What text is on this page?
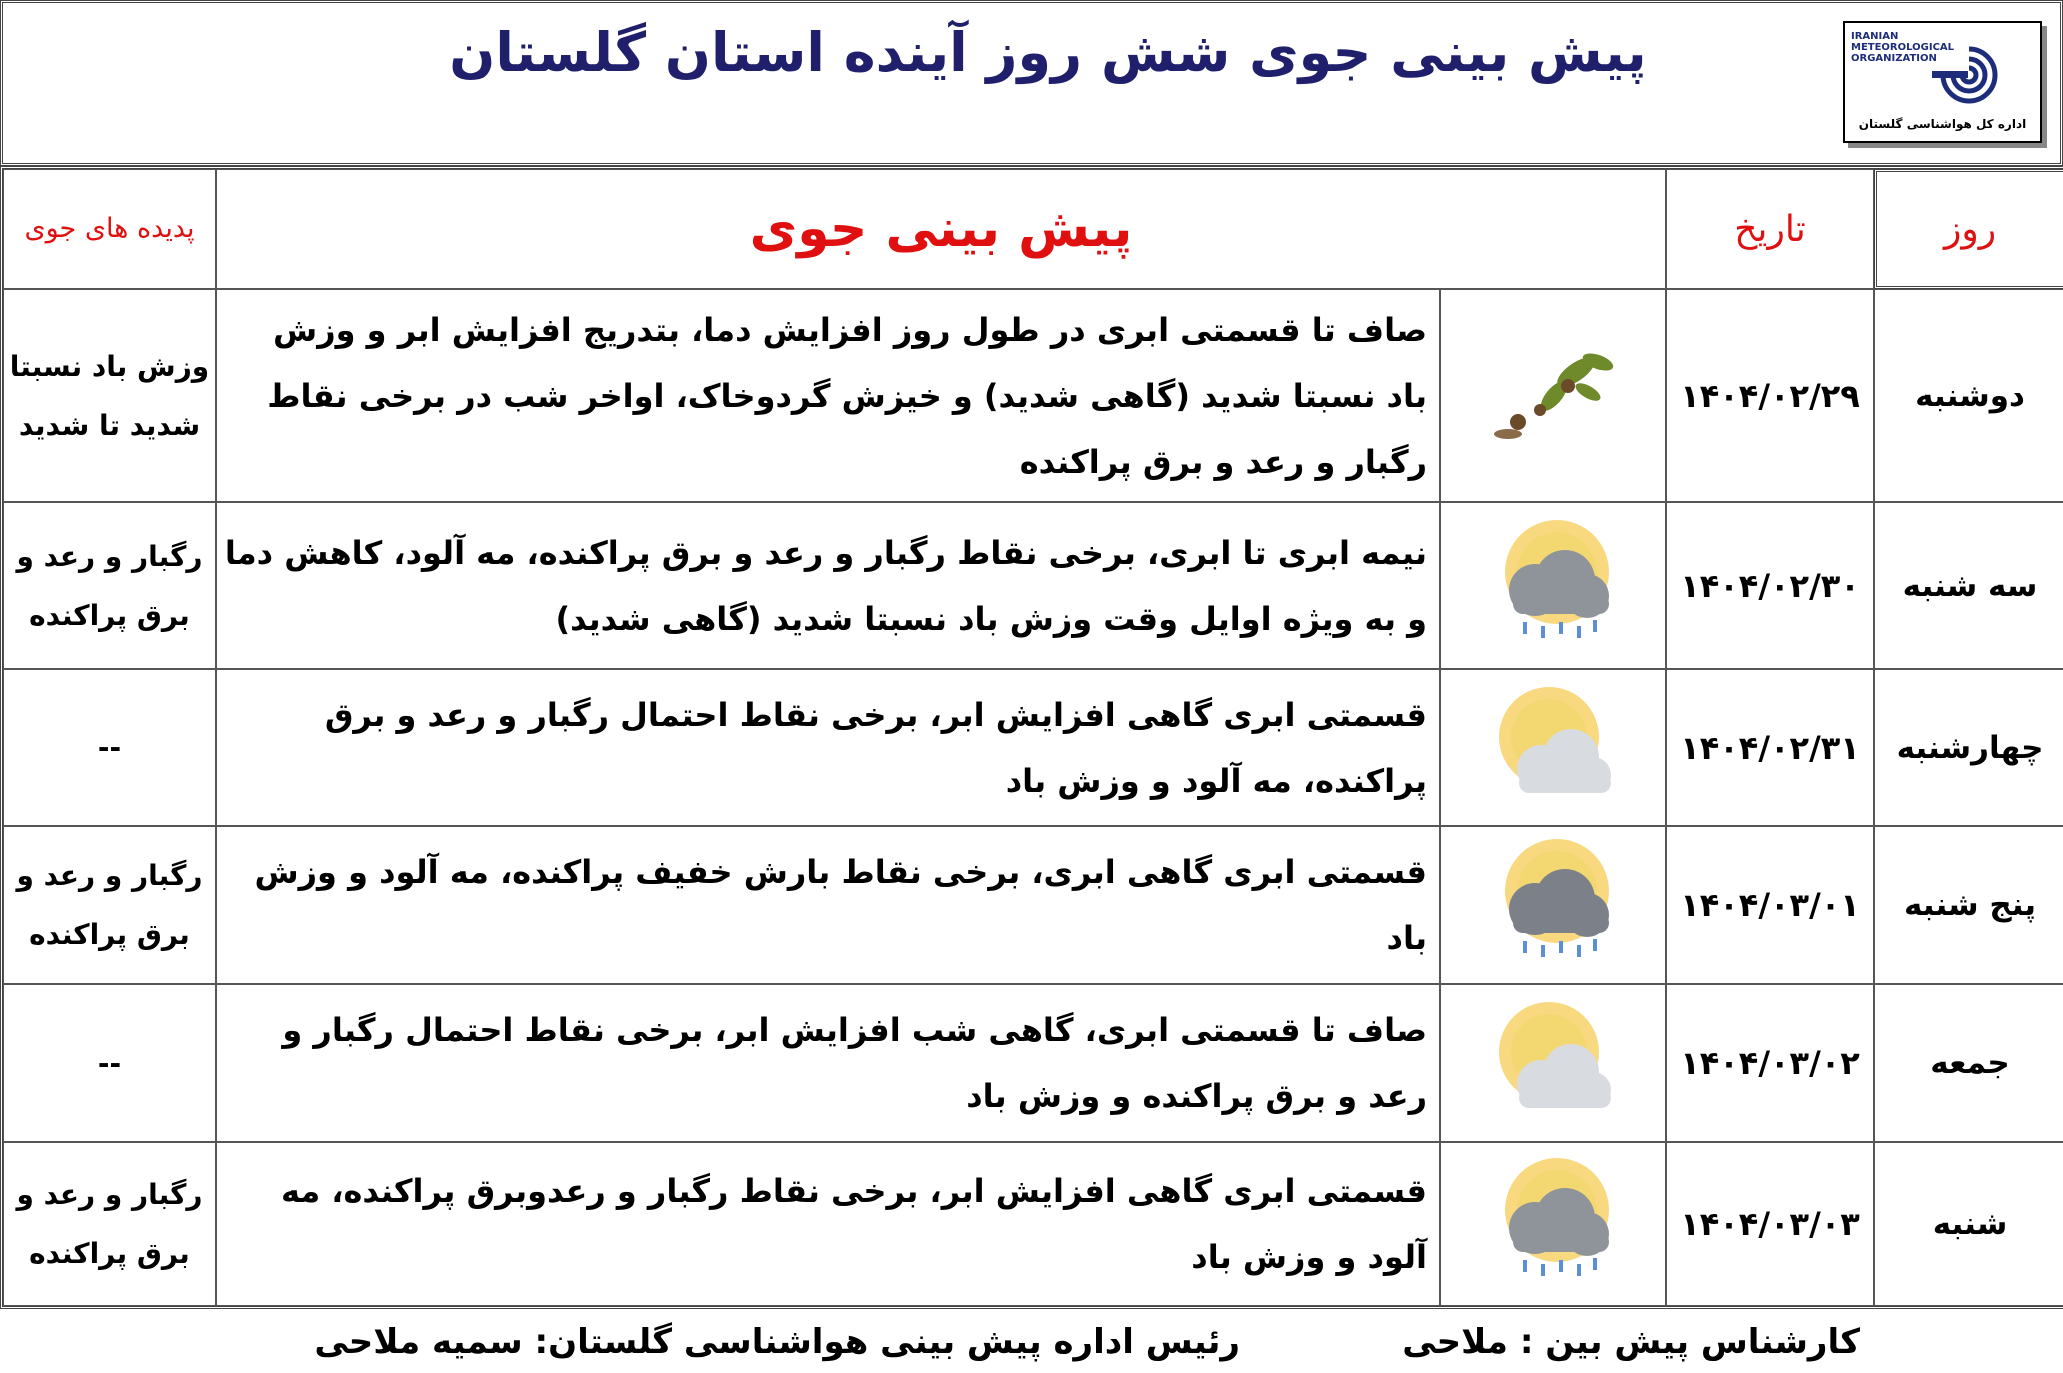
پیش بینی جوی شش روز آینده استان گلستان	IRANIAN METEOROLOGICAL ORGANIZATION
اداره کل هواشناسی گلستان
پدیده های جوی	پیش بینی جوی		تاریخ	روز
وزش باد نسبتا شدید تا شدید	صاف تا قسمتی ابری در طول روز افزایش دما، بتدریج افزایش ابر و وزش باد نسبتا شدید (گاهی شدید) و خیزش گردوخاک، اواخر شب در برخی نقاط رگبار و رعد و برق پراکنده		۱۴۰۴/۰۲/۲۹	دوشنبه
رگبار و رعد و برق پراکنده	نیمه ابری تا ابری، برخی نقاط رگبار و رعد و برق پراکنده، مه آلود، کاهش دما و به ویژه اوایل وقت وزش باد نسبتا شدید (گاهی شدید)		۱۴۰۴/۰۲/۳۰	سه شنبه
--	قسمتی ابری گاهی افزایش ابر، برخی نقاط احتمال رگبار و رعد و برق پراکنده، مه آلود و وزش باد		۱۴۰۴/۰۲/۳۱	چهارشنبه
رگبار و رعد و برق پراکنده	قسمتی ابری گاهی ابری، برخی نقاط بارش خفیف پراکنده، مه آلود و وزش باد		۱۴۰۴/۰۳/۰۱	پنج شنبه
--	صاف تا قسمتی ابری، گاهی شب افزایش ابر، برخی نقاط احتمال رگبار و رعد و برق پراکنده و وزش باد		۱۴۰۴/۰۳/۰۲	جمعه
رگبار و رعد و برق پراکنده	قسمتی ابری گاهی افزایش ابر، برخی نقاط رگبار و رعدوبرق پراکنده، مه آلود و وزش باد		۱۴۰۴/۰۳/۰۳	شنبه
کارشناس پیش بین : ملاحی
رئیس اداره پیش بینی هواشناسی گلستان: سمیه ملاحی
